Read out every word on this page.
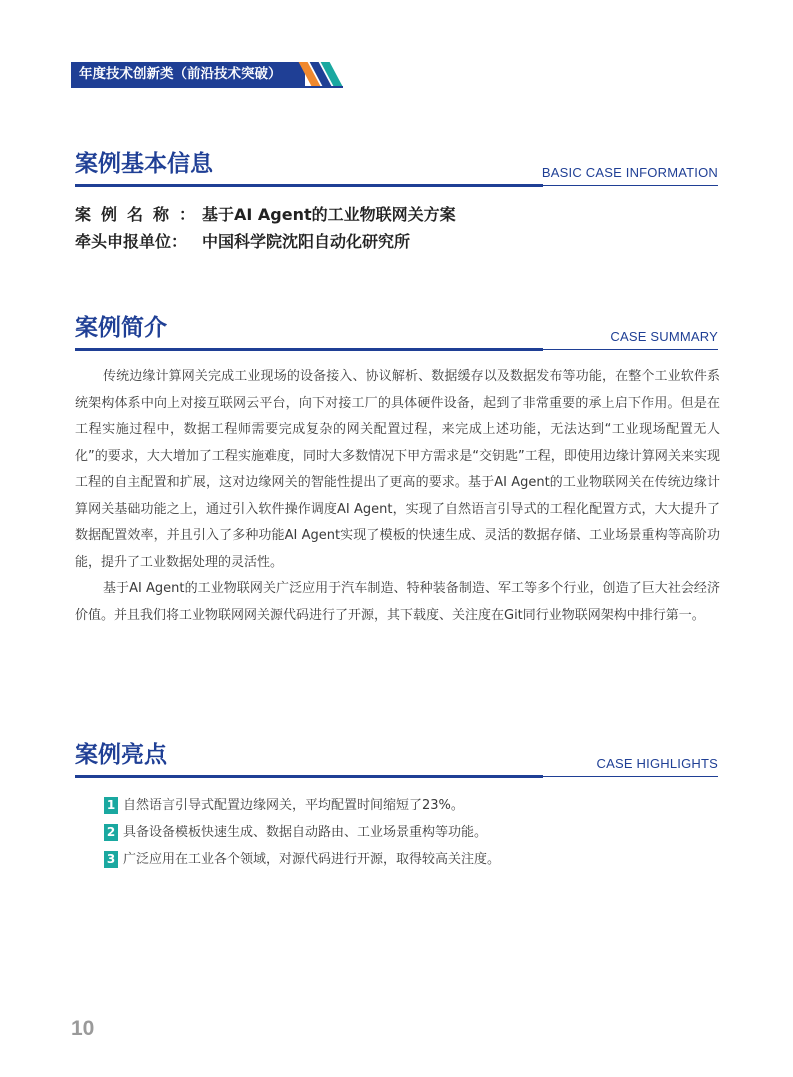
年度技术创新类（前沿技术突破）
案例基本信息	BASIC CASE INFORMATION
案例名称：基于AI Agent的工业物联网关方案
牵头申报单位： 中国科学院沈阳自动化研究所
案例简介	CASE SUMMARY

传统边缘计算网关完成工业现场的设备接入、协议解析、数据缓存以及数据发布等功能，在整个工业软件系统架构体系中向上对接互联网云平台，向下对接工厂的具体硬件设备，起到了非常重要的承上启下作用。但是在工程实施过程中，数据工程师需要完成复杂的网关配置过程，来完成上述功能，无法达到“工业现场配置无人化”的要求，大大增加了工程实施难度，同时大多数情况下甲方需求是“交钥匙”工程，即使用边缘计算网关来实现工程的自主配置和扩展，这对边缘网关的智能性提出了更高的要求。基于AI Agent的工业物联网关在传统边缘计算网关基础功能之上，通过引入软件操作调度AI Agent，实现了自然语言引导式的工程化配置方式，大大提升了数据配置效率，并且引入了多种功能AI Agent实现了模板的快速生成、灵活的数据存储、工业场景重构等高阶功能，提升了工业数据处理的灵活性。

基于AI Agent的工业物联网关广泛应用于汽车制造、特种装备制造、军工等多个行业，创造了巨大社会经济价值。并且我们将工业物联网网关源代码进行了开源，其下载度、关注度在Git同行业物联网架构中排行第一。

案例亮点	CASE HIGHLIGHTS
1 自然语言引导式配置边缘网关，平均配置时间缩短了23%。
2 具备设备模板快速生成、数据自动路由、工业场景重构等功能。
3 广泛应用在工业各个领域，对源代码进行开源，取得较高关注度。
10
